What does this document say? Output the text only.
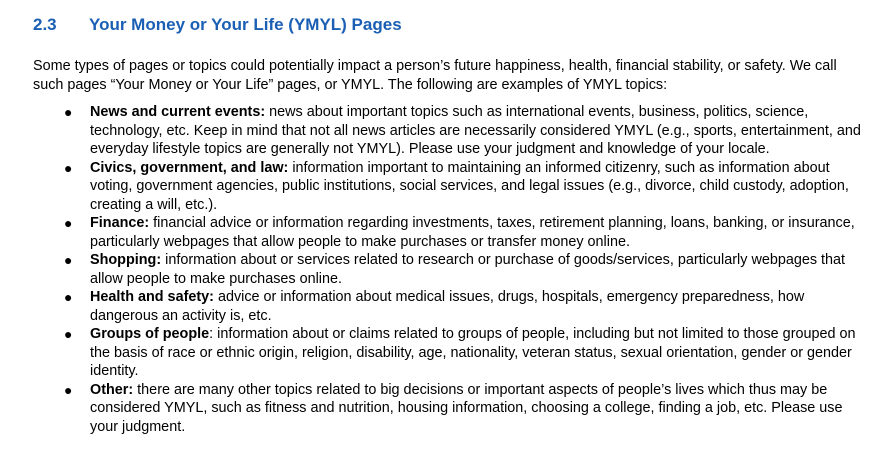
2.3	Your Money or Your Life (YMYL) Pages

Some types of pages or topics could potentially impact a person’s future happiness, health, financial stability, or safety. We call such pages “Your Money or Your Life” pages, or YMYL. The following are examples of YMYL topics:

● News and current events: news about important topics such as international events, business, politics, science, technology, etc. Keep in mind that not all news articles are necessarily considered YMYL (e.g., sports, entertainment, and everyday lifestyle topics are generally not YMYL). Please use your judgment and knowledge of your locale.
● Civics, government, and law: information important to maintaining an informed citizenry, such as information about voting, government agencies, public institutions, social services, and legal issues (e.g., divorce, child custody, adoption, creating a will, etc.).
● Finance: financial advice or information regarding investments, taxes, retirement planning, loans, banking, or insurance, particularly webpages that allow people to make purchases or transfer money online.
● Shopping: information about or services related to research or purchase of goods/services, particularly webpages that allow people to make purchases online.
● Health and safety: advice or information about medical issues, drugs, hospitals, emergency preparedness, how dangerous an activity is, etc.
● Groups of people: information about or claims related to groups of people, including but not limited to those grouped on the basis of race or ethnic origin, religion, disability, age, nationality, veteran status, sexual orientation, gender or gender identity.
● Other: there are many other topics related to big decisions or important aspects of people’s lives which thus may be considered YMYL, such as fitness and nutrition, housing information, choosing a college, finding a job, etc. Please use your judgment.
